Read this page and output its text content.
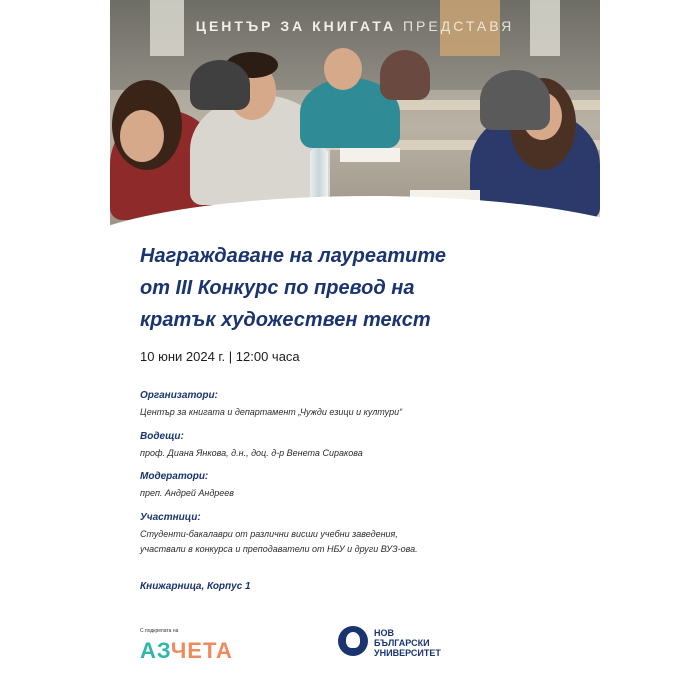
ЦЕНТЪР ЗА КНИГАТА ПРЕДСТАВЯ
Награждаване на лауреатите
от III Конкурс по превод на
кратък художествен текст
10 юни 2024 г. | 12:00 часа
Организатори:
Център за книгата и департамент „Чужди езици и култури“
Водещи:
проф. Диана Янкова, д.н., доц. д-р Венета Сиракова
Модератори:
преп. Андрей Андреев
Участници:
Студенти-бакалаври от различни висши учебни заведения,
участвали в конкурса и преподаватели от НБУ и други ВУЗ-ова.
Книжарница, Корпус 1
С подкрепата на
АЗЧЕТА
НОВ
БЪЛГАРСКИ
УНИВЕРСИТЕТ
